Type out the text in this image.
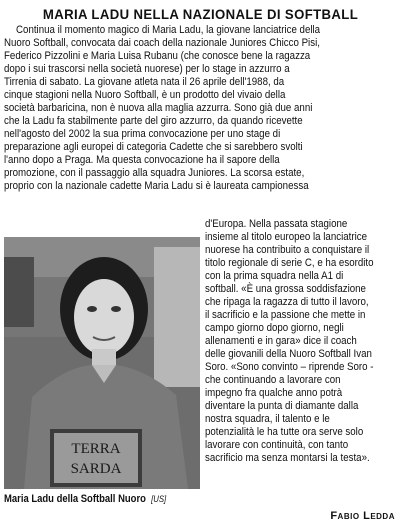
MARIA LADU NELLA NAZIONALE DI SOFTBALL
Continua il momento magico di Maria Ladu, la giovane lanciatrice della
Nuoro Softball, convocata dai coach della nazionale Juniores Chicco Pisi,
Federico Pizzolini e Maria Luisa Rubanu (che conosce bene la ragazza
dopo i sui trascorsi nella società nuorese) per lo stage in azzurro a
Tirrenia di sabato. La giovane atleta nata il 26 aprile dell'1988, da
cinque stagioni nella Nuoro Softball, è un prodotto del vivaio della
società barbaricina, non è nuova alla maglia azzurra. Sono già due anni
che la Ladu fa stabilmente parte del giro azzurro, da quando ricevette
nell'agosto del 2002 la sua prima convocazione per uno stage di
preparazione agli europei di categoria Cadette che si sarebbero svolti
l'anno dopo a Praga. Ma questa convocazione ha il sapore della
promozione, con il passaggio alla squadra Juniores. La scorsa estate,
proprio con la nazionale cadette Maria Ladu si è laureata campionessa
TERRA
SARDA
d'Europa. Nella passata stagione
insieme al titolo europeo la lanciatrice
nuorese ha contribuito a conquistare il
titolo regionale di serie C, e ha esordito
con la prima squadra nella A1 di
softball. «È una grossa soddisfazione
che ripaga la ragazza di tutto il lavoro,
il sacrificio e la passione che mette in
campo giorno dopo giorno, negli
allenamenti e in gara» dice il coach
delle giovanili della Nuoro Softball Ivan
Soro. «Sono convinto – riprende Soro -
che continuando a lavorare con
impegno fra qualche anno potrà
diventare la punta di diamante dalla
nostra squadra, il talento e le
potenzialità le ha tutte ora serve solo
lavorare con continuità, con tanto
sacrificio ma senza montarsi la testa».
Maria Ladu della Softball Nuoro [US]
Fabio Ledda
